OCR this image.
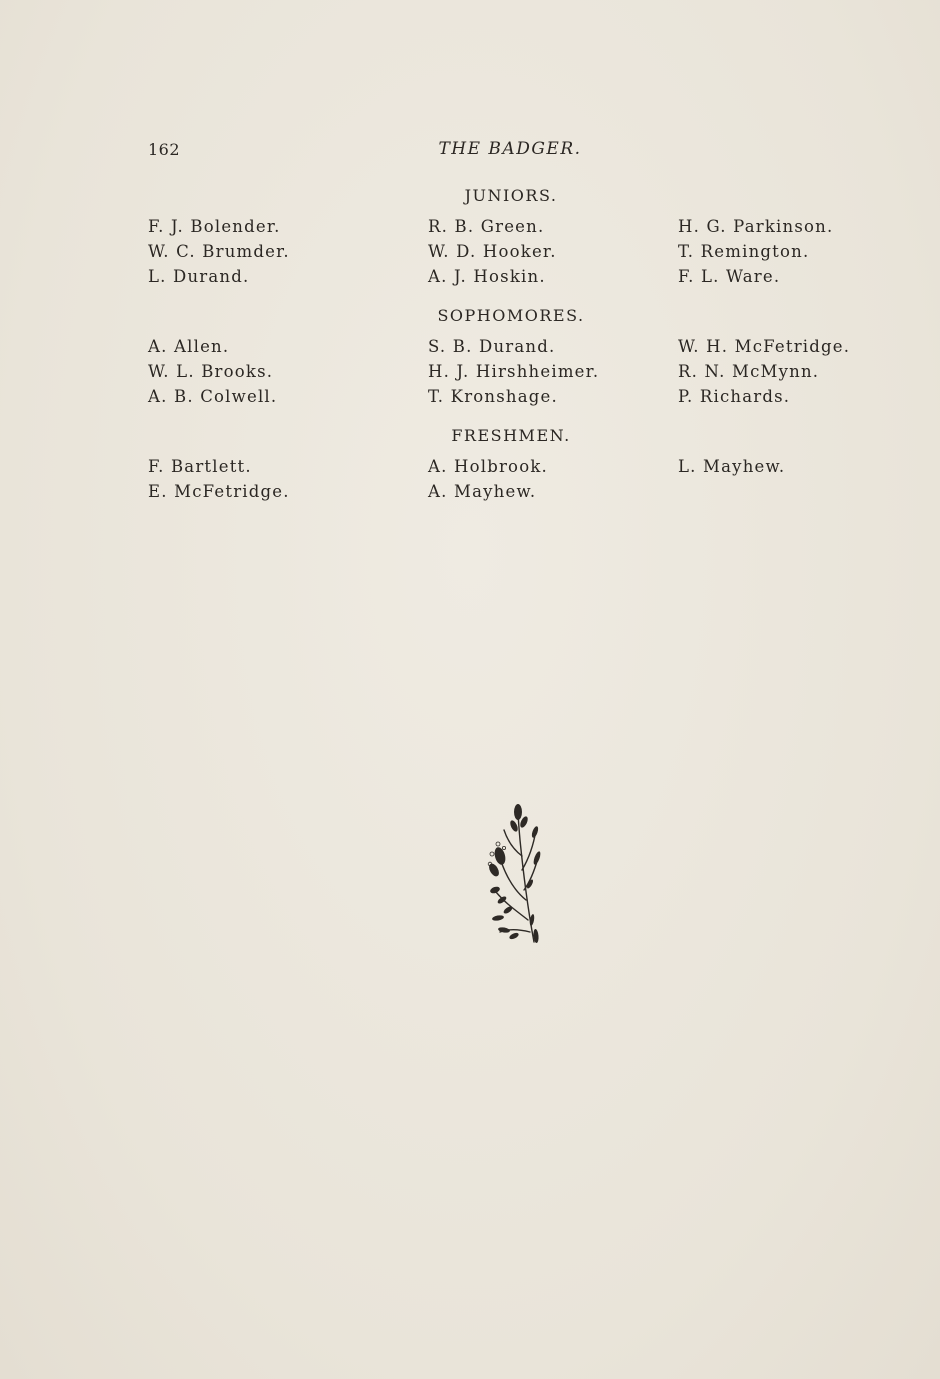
162	THE BADGER.
JUNIORS.
F. J. Bolender.
W. C. Brumder.
L. Durand.
R. B. Green.
W. D. Hooker.
A. J. Hoskin.
H. G. Parkinson.
T. Remington.
F. L. Ware.
SOPHOMORES.
A. Allen.
W. L. Brooks.
A. B. Colwell.
S. B. Durand.
H. J. Hirshheimer.
T. Kronshage.
W. H. McFetridge.
R. N. McMynn.
P. Richards.
FRESHMEN.
F. Bartlett.
E. McFetridge.
A. Holbrook.
A. Mayhew.
L. Mayhew.
